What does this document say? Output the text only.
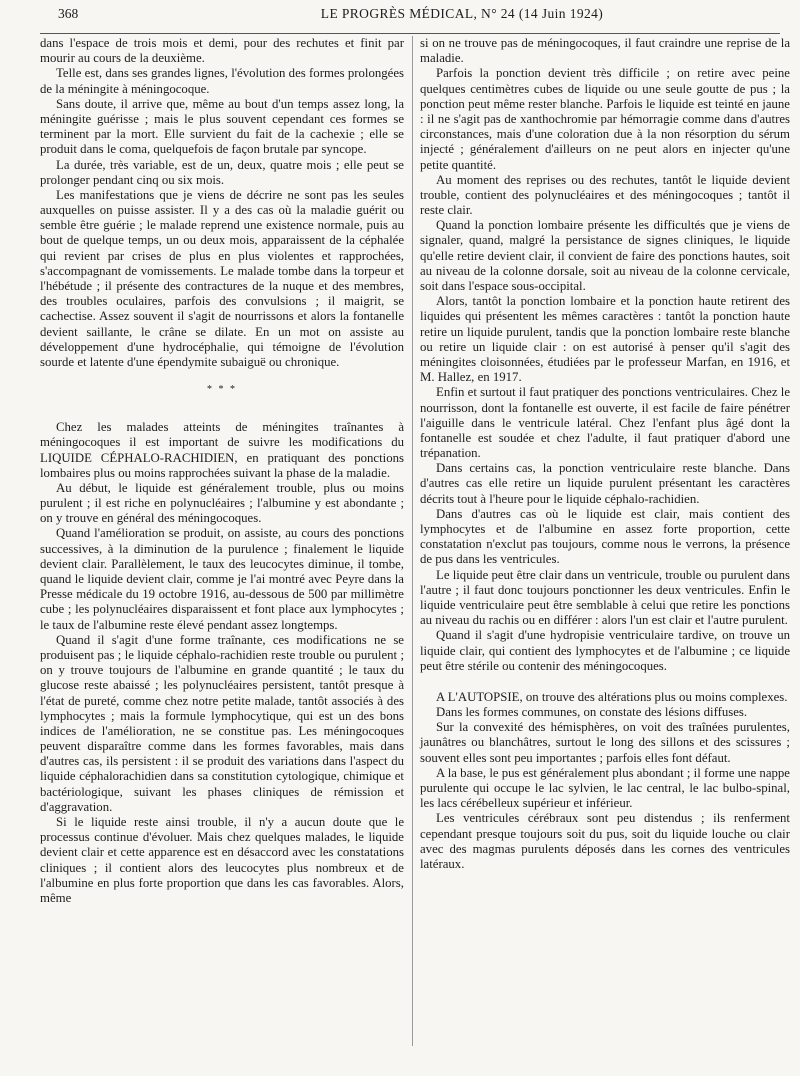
368	LE PROGRÈS MÉDICAL, N° 24 (14 Juin 1924)

dans l'espace de trois mois et demi, pour des rechutes et finit par mourir au cours de la deuxième.

Telle est, dans ses grandes lignes, l'évolution des formes prolongées de la méningite à méningocoque.

Sans doute, il arrive que, même au bout d'un temps assez long, la méningite guérisse ; mais le plus souvent cependant ces formes se terminent par la mort. Elle survient du fait de la cachexie ; elle se produit dans le coma, quelquefois de façon brutale par syncope.

La durée, très variable, est de un, deux, quatre mois ; elle peut se prolonger pendant cinq ou six mois.

Les manifestations que je viens de décrire ne sont pas les seules auxquelles on puisse assister. Il y a des cas où la maladie guérit ou semble être guérie ; le malade reprend une existence normale, puis au bout de quelque temps, un ou deux mois, apparaissent de la céphalée qui revient par crises de plus en plus violentes et rapprochées, s'accompagnant de vomissements. Le malade tombe dans la torpeur et l'hébétude ; il présente des contractures de la nuque et des membres, des troubles oculaires, parfois des convulsions ; il maigrit, se cachectise. Assez souvent il s'agit de nourrissons et alors la fontanelle devient saillante, le crâne se dilate. En un mot on assiste au développement d'une hydrocéphalie, qui témoigne de l'évolution sourde et latente d'une épendymite subaiguë ou chronique.

* * *

Chez les malades atteints de méningites traînantes à méningocoques il est important de suivre les modifications du LIQUIDE CÉPHALO-RACHIDIEN, en pratiquant des ponctions lombaires plus ou moins rapprochées suivant la phase de la maladie.

Au début, le liquide est généralement trouble, plus ou moins purulent ; il est riche en polynucléaires ; l'albumine y est abondante ; on y trouve en général des méningocoques.

Quand l'amélioration se produit, on assiste, au cours des ponctions successives, à la diminution de la purulence ; finalement le liquide devient clair. Parallèlement, le taux des leucocytes diminue, il tombe, quand le liquide devient clair, comme je l'ai montré avec Peyre dans la Presse médicale du 19 octobre 1916, au-dessous de 500 par millimètre cube ; les polynucléaires disparaissent et font place aux lymphocytes ; le taux de l'albumine reste élevé pendant assez longtemps.

Quand il s'agit d'une forme traînante, ces modifications ne se produisent pas ; le liquide céphalo-rachidien reste trouble ou purulent ; on y trouve toujours de l'albumine en grande quantité ; le taux du glucose reste abaissé ; les polynucléaires persistent, tantôt presque à l'état de pureté, comme chez notre petite malade, tantôt associés à des lymphocytes ; mais la formule lymphocytique, qui est un des bons indices de l'amélioration, ne se constitue pas. Les méningocoques peuvent disparaître comme dans les formes favorables, mais dans d'autres cas, ils persistent : il se produit des variations dans l'aspect du liquide céphalorachidien dans sa constitution cytologique, chimique et bactériologique, suivant les phases cliniques de rémission et d'aggravation.

Si le liquide reste ainsi trouble, il n'y a aucun doute que le processus continue d'évoluer. Mais chez quelques malades, le liquide devient clair et cette apparence est en désaccord avec les constatations cliniques ; il contient alors des leucocytes plus nombreux et de l'albumine en plus forte proportion que dans les cas favorables. Alors, même

si on ne trouve pas de méningocoques, il faut craindre une reprise de la maladie.

Parfois la ponction devient très difficile ; on retire avec peine quelques centimètres cubes de liquide ou une seule goutte de pus ; la ponction peut même rester blanche. Parfois le liquide est teinté en jaune : il ne s'agit pas de xanthochromie par hémorragie comme dans d'autres circonstances, mais d'une coloration due à la non résorption du sérum injecté ; généralement d'ailleurs on ne peut alors en injecter qu'une petite quantité.

Au moment des reprises ou des rechutes, tantôt le liquide devient trouble, contient des polynucléaires et des méningocoques ; tantôt il reste clair.

Quand la ponction lombaire présente les difficultés que je viens de signaler, quand, malgré la persistance de signes cliniques, le liquide qu'elle retire devient clair, il convient de faire des ponctions hautes, soit au niveau de la colonne dorsale, soit au niveau de la colonne cervicale, soit dans l'espace sous-occipital.

Alors, tantôt la ponction lombaire et la ponction haute retirent des liquides qui présentent les mêmes caractères : tantôt la ponction haute retire un liquide purulent, tandis que la ponction lombaire reste blanche ou retire un liquide clair : on est autorisé à penser qu'il s'agit des méningites cloisonnées, étudiées par le professeur Marfan, en 1916, et M. Hallez, en 1917.

Enfin et surtout il faut pratiquer des ponctions ventriculaires. Chez le nourrisson, dont la fontanelle est ouverte, il est facile de faire pénétrer l'aiguille dans le ventricule latéral. Chez l'enfant plus âgé dont la fontanelle est soudée et chez l'adulte, il faut pratiquer d'abord une trépanation.

Dans certains cas, la ponction ventriculaire reste blanche. Dans d'autres cas elle retire un liquide purulent présentant les caractères décrits tout à l'heure pour le liquide céphalo-rachidien.

Dans d'autres cas où le liquide est clair, mais contient des lymphocytes et de l'albumine en assez forte proportion, cette constatation n'exclut pas toujours, comme nous le verrons, la présence de pus dans les ventricules.

Le liquide peut être clair dans un ventricule, trouble ou purulent dans l'autre ; il faut donc toujours ponctionner les deux ventricules. Enfin le liquide ventriculaire peut être semblable à celui que retire les ponctions au niveau du rachis ou en différer : alors l'un est clair et l'autre purulent.

Quand il s'agit d'une hydropisie ventriculaire tardive, on trouve un liquide clair, qui contient des lymphocytes et de l'albumine ; ce liquide peut être stérile ou contenir des méningocoques.

A L'AUTOPSIE, on trouve des altérations plus ou moins complexes.

Dans les formes communes, on constate des lésions diffuses.

Sur la convexité des hémisphères, on voit des traînées purulentes, jaunâtres ou blanchâtres, surtout le long des sillons et des scissures ; souvent elles sont peu importantes ; parfois elles font défaut.

A la base, le pus est généralement plus abondant ; il forme une nappe purulente qui occupe le lac sylvien, le lac central, le lac bulbo-spinal, les lacs cérébelleux supérieur et inférieur.

Les ventricules cérébraux sont peu distendus ; ils renferment cependant presque toujours soit du pus, soit du liquide louche ou clair avec des magmas purulents déposés dans les cornes des ventricules latéraux.
